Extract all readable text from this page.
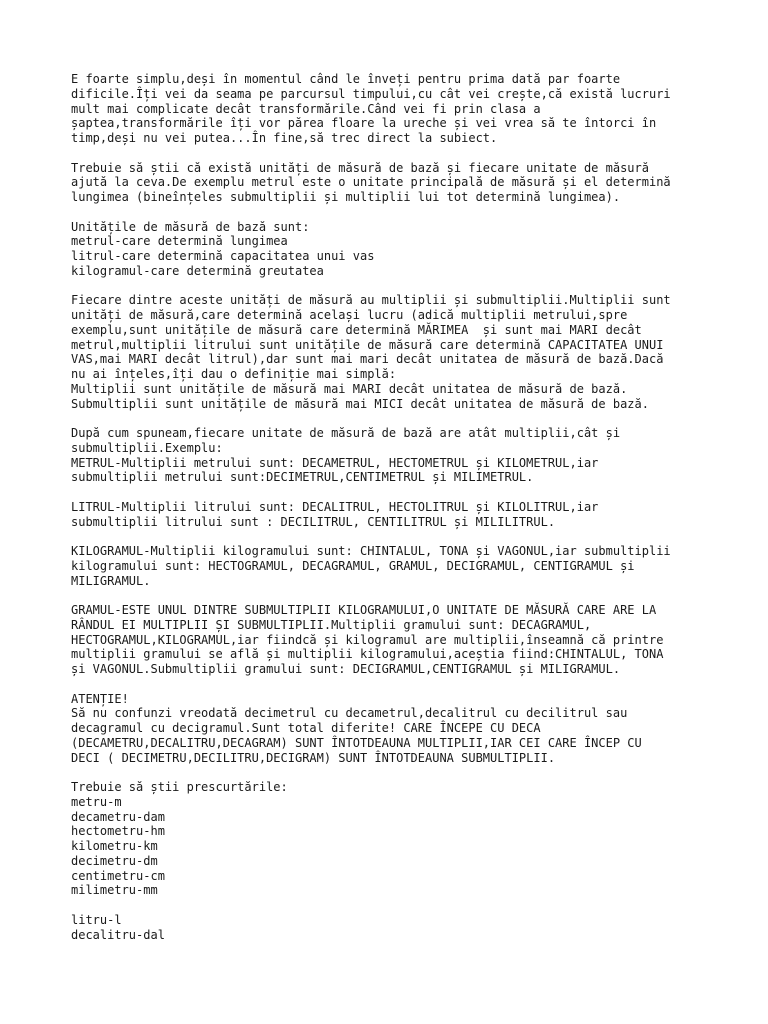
E foarte simplu,deși în momentul când le înveți pentru prima dată par foarte
dificile.Îți vei da seama pe parcursul timpului,cu cât vei crește,că există lucruri
mult mai complicate decât transformările.Când vei fi prin clasa a
șaptea,transformările îți vor părea floare la ureche și vei vrea să te întorci în
timp,deși nu vei putea...În fine,să trec direct la subiect.
Trebuie să știi că există unități de măsură de bază și fiecare unitate de măsură
ajută la ceva.De exemplu metrul este o unitate principală de măsură și el determină
lungimea (bineînțeles submultiplii și multiplii lui tot determină lungimea).
Unitățile de măsură de bază sunt:
metrul-care determină lungimea
litrul-care determină capacitatea unui vas
kilogramul-care determină greutatea
Fiecare dintre aceste unități de măsură au multiplii și submultiplii.Multiplii sunt
unități de măsură,care determină același lucru (adică multiplii metrului,spre
exemplu,sunt unitățile de măsură care determină MĂRIMEA  și sunt mai MARI decât
metrul,multiplii litrului sunt unitățile de măsură care determină CAPACITATEA UNUI
VAS,mai MARI decât litrul),dar sunt mai mari decât unitatea de măsură de bază.Dacă
nu ai înțeles,îți dau o definiție mai simplă:
Multiplii sunt unitățile de măsură mai MARI decât unitatea de măsură de bază.
Submultiplii sunt unitățile de măsură mai MICI decât unitatea de măsură de bază.
După cum spuneam,fiecare unitate de măsură de bază are atât multiplii,cât și
submultiplii.Exemplu:
METRUL-Multiplii metrului sunt: DECAMETRUL, HECTOMETRUL și KILOMETRUL,iar
submultiplii metrului sunt:DECIMETRUL,CENTIMETRUL și MILIMETRUL.
LITRUL-Multiplii litrului sunt: DECALITRUL, HECTOLITRUL și KILOLITRUL,iar
submultiplii litrului sunt : DECILITRUL, CENTILITRUL și MILILITRUL.
KILOGRAMUL-Multiplii kilogramului sunt: CHINTALUL, TONA și VAGONUL,iar submultiplii
kilogramului sunt: HECTOGRAMUL, DECAGRAMUL, GRAMUL, DECIGRAMUL, CENTIGRAMUL și
MILIGRAMUL.
GRAMUL-ESTE UNUL DINTRE SUBMULTIPLII KILOGRAMULUI,O UNITATE DE MĂSURĂ CARE ARE LA
RÂNDUL EI MULTIPLII ȘI SUBMULTIPLII.Multiplii gramului sunt: DECAGRAMUL,
HECTOGRAMUL,KILOGRAMUL,iar fiindcă și kilogramul are multiplii,înseamnă că printre
multiplii gramului se află și multiplii kilogramului,aceștia fiind:CHINTALUL, TONA
și VAGONUL.Submultiplii gramului sunt: DECIGRAMUL,CENTIGRAMUL și MILIGRAMUL.
ATENȚIE!
Să nu confunzi vreodată decimetrul cu decametrul,decalitrul cu decilitrul sau
decagramul cu decigramul.Sunt total diferite! CARE ÎNCEPE CU DECA
(DECAMETRU,DECALITRU,DECAGRAM) SUNT ÎNTOTDEAUNA MULTIPLII,IAR CEI CARE ÎNCEP CU
DECI ( DECIMETRU,DECILITRU,DECIGRAM) SUNT ÎNTOTDEAUNA SUBMULTIPLII.
Trebuie să știi prescurtările:
metru-m
decametru-dam
hectometru-hm
kilometru-km
decimetru-dm
centimetru-cm
milimetru-mm
litru-l
decalitru-dal
